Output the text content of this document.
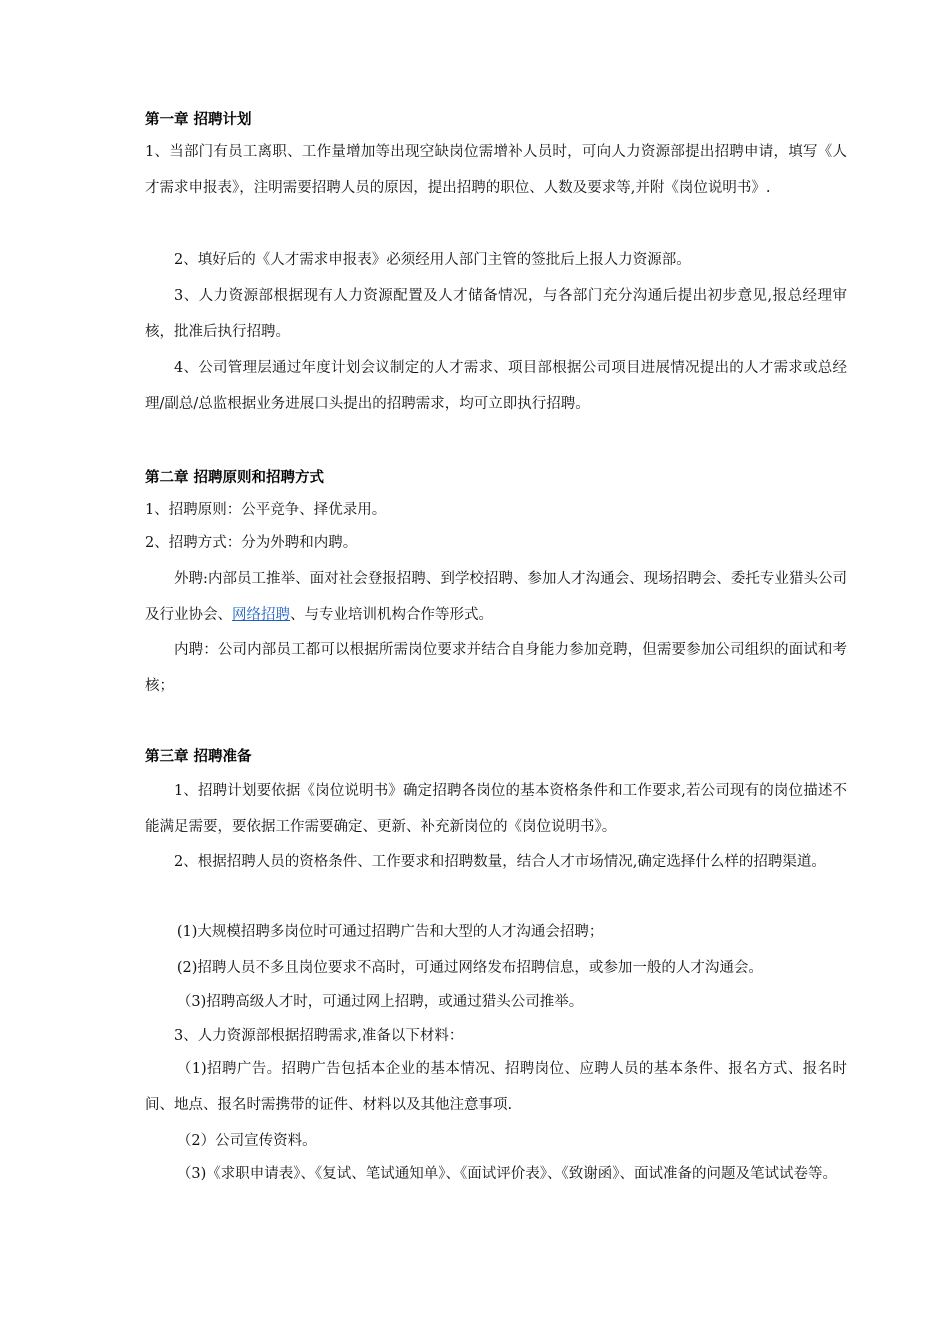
第一章 招聘计划
1、当部门有员工离职、工作量增加等出现空缺岗位需增补人员时，可向人力资源部提出招聘申请，填写《人才需求申报表》，注明需要招聘人员的原因，提出招聘的职位、人数及要求等,并附《岗位说明书》.
2、填好后的《人才需求申报表》必须经用人部门主管的签批后上报人力资源部。
3、人力资源部根据现有人力资源配置及人才储备情况，与各部门充分沟通后提出初步意见,报总经理审核，批准后执行招聘。
4、公司管理层通过年度计划会议制定的人才需求、项目部根据公司项目进展情况提出的人才需求或总经理/副总/总监根据业务进展口头提出的招聘需求，均可立即执行招聘。
第二章 招聘原则和招聘方式
1、招聘原则：公平竞争、择优录用。
2、招聘方式：分为外聘和内聘。
外聘:内部员工推举、面对社会登报招聘、到学校招聘、参加人才沟通会、现场招聘会、委托专业猎头公司及行业协会、网络招聘、与专业培训机构合作等形式。
内聘：公司内部员工都可以根据所需岗位要求并结合自身能力参加竞聘，但需要参加公司组织的面试和考核；
第三章 招聘准备
1、招聘计划要依据《岗位说明书》确定招聘各岗位的基本资格条件和工作要求,若公司现有的岗位描述不能满足需要，要依据工作需要确定、更新、补充新岗位的《岗位说明书》。
2、根据招聘人员的资格条件、工作要求和招聘数量，结合人才市场情况,确定选择什么样的招聘渠道。
(1)大规模招聘多岗位时可通过招聘广告和大型的人才沟通会招聘；
(2)招聘人员不多且岗位要求不高时，可通过网络发布招聘信息，或参加一般的人才沟通会。
（3)招聘高级人才时，可通过网上招聘，或通过猎头公司推举。
3、人力资源部根据招聘需求,准备以下材料：
（1)招聘广告。招聘广告包括本企业的基本情况、招聘岗位、应聘人员的基本条件、报名方式、报名时间、地点、报名时需携带的证件、材料以及其他注意事项.
（2）公司宣传资料。
（3)《求职申请表》、《复试、笔试通知单》、《面试评价表》、《致谢函》、面试准备的问题及笔试试卷等。
